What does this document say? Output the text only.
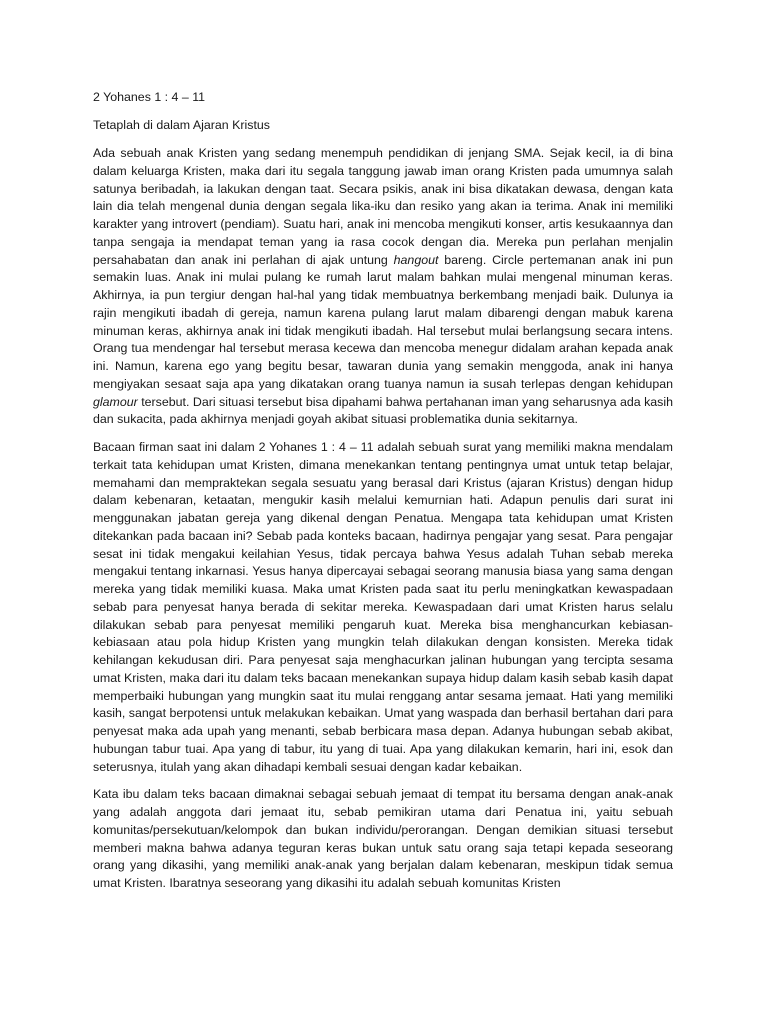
2 Yohanes 1 : 4 – 11
Tetaplah di dalam Ajaran Kristus

Ada sebuah anak Kristen yang sedang menempuh pendidikan di jenjang SMA. Sejak kecil, ia di bina dalam keluarga Kristen, maka dari itu segala tanggung jawab iman orang Kristen pada umumnya salah satunya beribadah, ia lakukan dengan taat. Secara psikis, anak ini bisa dikatakan dewasa, dengan kata lain dia telah mengenal dunia dengan segala lika-iku dan resiko yang akan ia terima. Anak ini memiliki karakter yang introvert (pendiam). Suatu hari, anak ini mencoba mengikuti konser, artis kesukaannya dan tanpa sengaja ia mendapat teman yang ia rasa cocok dengan dia. Mereka pun perlahan menjalin persahabatan dan anak ini perlahan di ajak untung hangout bareng. Circle pertemanan anak ini pun semakin luas. Anak ini mulai pulang ke rumah larut malam bahkan mulai mengenal minuman keras. Akhirnya, ia pun tergiur dengan hal-hal yang tidak membuatnya berkembang menjadi baik. Dulunya ia rajin mengikuti ibadah di gereja, namun karena pulang larut malam dibarengi dengan mabuk karena minuman keras, akhirnya anak ini tidak mengikuti ibadah. Hal tersebut mulai berlangsung secara intens. Orang tua mendengar hal tersebut merasa kecewa dan mencoba menegur didalam arahan kepada anak ini. Namun, karena ego yang begitu besar, tawaran dunia yang semakin menggoda, anak ini hanya mengiyakan sesaat saja apa yang dikatakan orang tuanya namun ia susah terlepas dengan kehidupan glamour tersebut. Dari situasi tersebut bisa dipahami bahwa pertahanan iman yang seharusnya ada kasih dan sukacita, pada akhirnya menjadi goyah akibat situasi problematika dunia sekitarnya.

Bacaan firman saat ini dalam 2 Yohanes 1 : 4 – 11 adalah sebuah surat yang memiliki makna mendalam terkait tata kehidupan umat Kristen, dimana menekankan tentang pentingnya umat untuk tetap belajar, memahami dan mempraktekan segala sesuatu yang berasal dari Kristus (ajaran Kristus) dengan hidup dalam kebenaran, ketaatan, mengukir kasih melalui kemurnian hati. Adapun penulis dari surat ini menggunakan jabatan gereja yang dikenal dengan Penatua. Mengapa tata kehidupan umat Kristen ditekankan pada bacaan ini? Sebab pada konteks bacaan, hadirnya pengajar yang sesat. Para pengajar sesat ini tidak mengakui keilahian Yesus, tidak percaya bahwa Yesus adalah Tuhan sebab mereka mengakui tentang inkarnasi. Yesus hanya dipercayai sebagai seorang manusia biasa yang sama dengan mereka yang tidak memiliki kuasa. Maka umat Kristen pada saat itu perlu meningkatkan kewaspadaan sebab para penyesat hanya berada di sekitar mereka. Kewaspadaan dari umat Kristen harus selalu dilakukan sebab para penyesat memiliki pengaruh kuat. Mereka bisa menghancurkan kebiasan-kebiasaan atau pola hidup Kristen yang mungkin telah dilakukan dengan konsisten. Mereka tidak kehilangan kekudusan diri. Para penyesat saja menghacurkan jalinan hubungan yang tercipta sesama umat Kristen, maka dari itu dalam teks bacaan menekankan supaya hidup dalam kasih sebab kasih dapat memperbaiki hubungan yang mungkin saat itu mulai renggang antar sesama jemaat. Hati yang memiliki kasih, sangat berpotensi untuk melakukan kebaikan. Umat yang waspada dan berhasil bertahan dari para penyesat maka ada upah yang menanti, sebab berbicara masa depan. Adanya hubungan sebab akibat, hubungan tabur tuai. Apa yang di tabur, itu yang di tuai. Apa yang dilakukan kemarin, hari ini, esok dan seterusnya, itulah yang akan dihadapi kembali sesuai dengan kadar kebaikan.

Kata ibu dalam teks bacaan dimaknai sebagai sebuah jemaat di tempat itu bersama dengan anak-anak yang adalah anggota dari jemaat itu, sebab pemikiran utama dari Penatua ini, yaitu sebuah komunitas/persekutuan/kelompok dan bukan individu/perorangan. Dengan demikian situasi tersebut memberi makna bahwa adanya teguran keras bukan untuk satu orang saja tetapi kepada seseorang orang yang dikasihi, yang memiliki anak-anak yang berjalan dalam kebenaran, meskipun tidak semua umat Kristen. Ibaratnya seseorang yang dikasihi itu adalah sebuah komunitas Kristen
